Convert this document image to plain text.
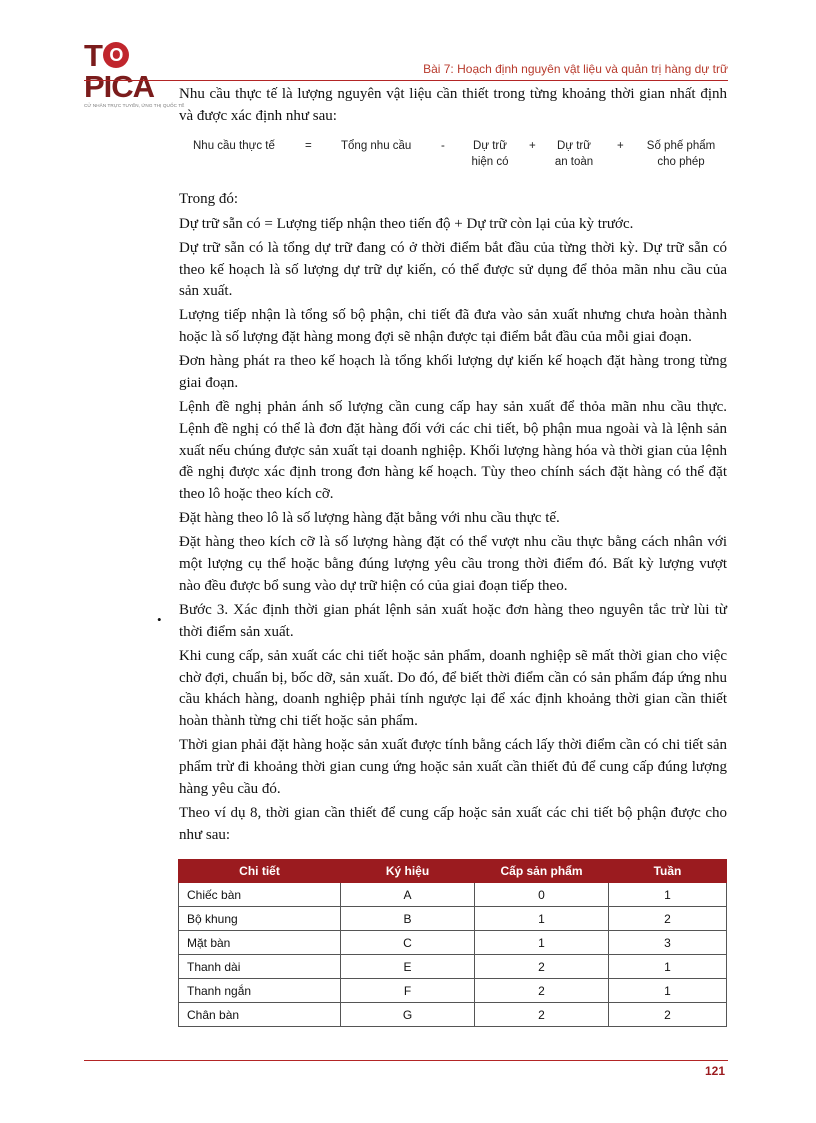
T OPICA
CỬ NHÂN TRỰC TUYẾN, ỨNG THỊ QUỐC TẾ
Bài 7: Hoạch định nguyên vật liệu và quản trị hàng dự trữ

Nhu cầu thực tế là lượng nguyên vật liệu cần thiết trong từng khoảng thời gian nhất định và được xác định như sau:

Nhu cầu thực tế	=	Tổng nhu cầu	- Dự trữ
hiện có
+	Dự trữ
an toàn
+	Số phế phẩm
cho phép

Trong đó:

Dự trữ sẵn có = Lượng tiếp nhận theo tiến độ + Dự trữ còn lại của kỳ trước.

Dự trữ sẵn có là tổng dự trữ đang có ở thời điểm bắt đầu của từng thời kỳ. Dự trữ sẵn có theo kế hoạch là số lượng dự trữ dự kiến, có thể được sử dụng để thỏa mãn nhu cầu của sản xuất.

Lượng tiếp nhận là tổng số bộ phận, chi tiết đã đưa vào sản xuất nhưng chưa hoàn thành hoặc là số lượng đặt hàng mong đợi sẽ nhận được tại điểm bắt đầu của mỗi giai đoạn.

Đơn hàng phát ra theo kế hoạch là tổng khối lượng dự kiến kế hoạch đặt hàng trong từng giai đoạn.

Lệnh đề nghị phản ánh số lượng cần cung cấp hay sản xuất để thỏa mãn nhu cầu thực. Lệnh đề nghị có thể là đơn đặt hàng đối với các chi tiết, bộ phận mua ngoài và là lệnh sản xuất nếu chúng được sản xuất tại doanh nghiệp. Khối lượng hàng hóa và thời gian của lệnh đề nghị được xác định trong đơn hàng kế hoạch. Tùy theo chính sách đặt hàng có thể đặt theo lô hoặc theo kích cỡ.

Đặt hàng theo lô là số lượng hàng đặt bằng với nhu cầu thực tế.

Đặt hàng theo kích cỡ là số lượng hàng đặt có thể vượt nhu cầu thực bằng cách nhân với một lượng cụ thể hoặc bằng đúng lượng yêu cầu trong thời điểm đó. Bất kỳ lượng vượt nào đều được bổ sung vào dự trữ hiện có của giai đoạn tiếp theo.

Bước 3. Xác định thời gian phát lệnh sản xuất hoặc đơn hàng theo nguyên tắc trừ lùi từ thời điểm sản xuất.

Khi cung cấp, sản xuất các chi tiết hoặc sản phẩm, doanh nghiệp sẽ mất thời gian cho việc chờ đợi, chuẩn bị, bốc dỡ, sản xuất. Do đó, để biết thời điểm cần có sản phẩm đáp ứng nhu cầu khách hàng, doanh nghiệp phải tính ngược lại để xác định khoảng thời gian cần thiết hoàn thành từng chi tiết hoặc sản phẩm.

Thời gian phải đặt hàng hoặc sản xuất được tính bằng cách lấy thời điểm cần có chi tiết sản phẩm trừ đi khoảng thời gian cung ứng hoặc sản xuất cần thiết đủ để cung cấp đúng lượng hàng yêu cầu đó.

Theo ví dụ 8, thời gian cần thiết để cung cấp hoặc sản xuất các chi tiết bộ phận được cho như sau:

•
Chi tiết	Ký hiệu	Cấp sản phẩm	Tuần
Chiếc bàn	A	0	1
Bộ khung	B	1	2
Mặt bàn	C	1	3
Thanh dài	E	2	1
Thanh ngắn	F	2	1
Chân bàn	G	2	2
121
